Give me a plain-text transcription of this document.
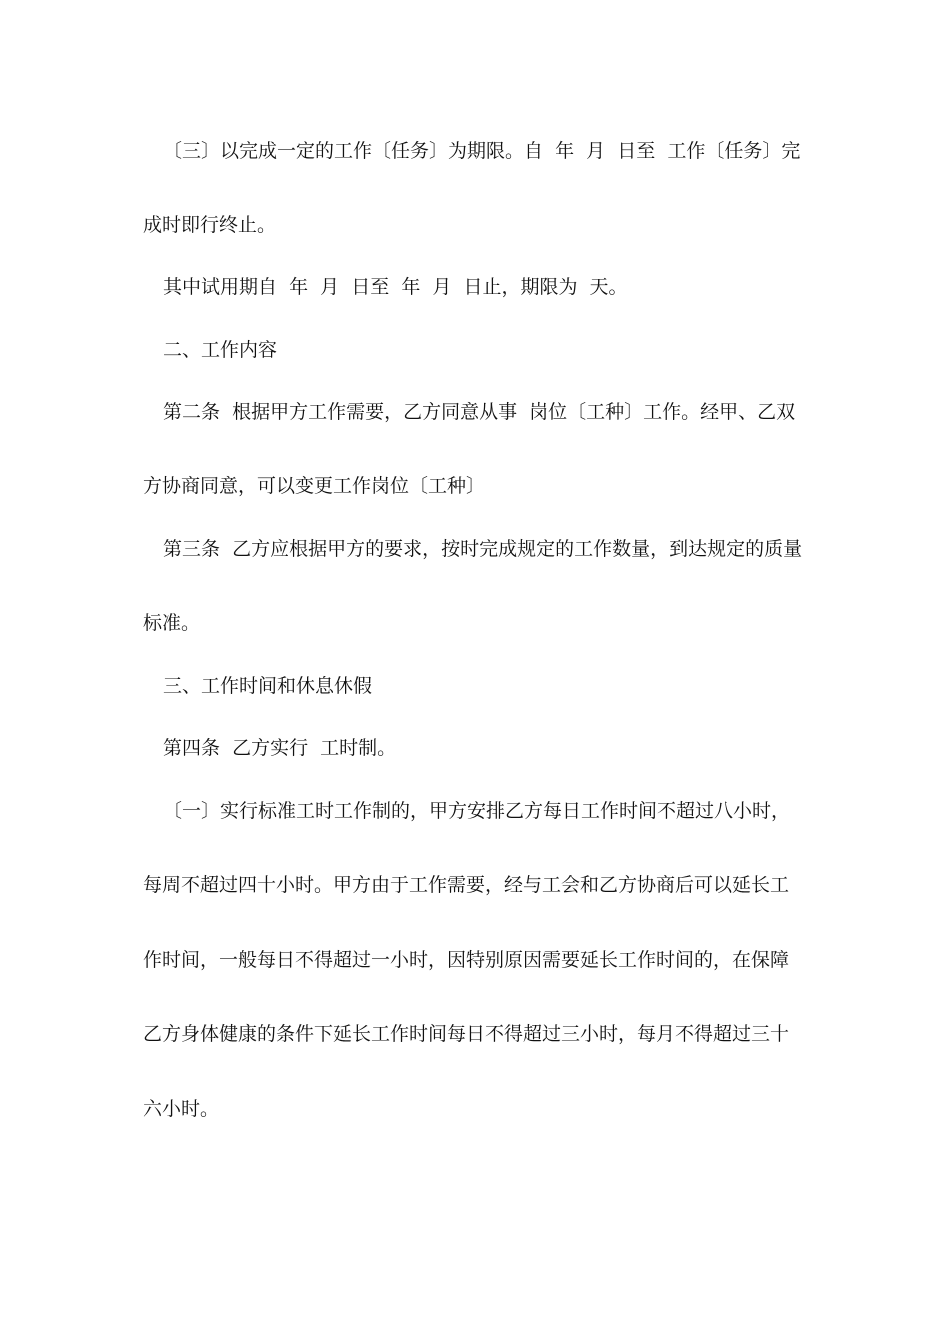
〔三〕以完成一定的工作〔任务〕为期限。自  年  月  日至  工作〔任务〕完
成时即行终止。
其中试用期自  年  月  日至  年  月  日止，期限为  天。
二、工作内容
第二条  根据甲方工作需要，乙方同意从事  岗位〔工种〕工作。经甲、乙双
方协商同意，可以变更工作岗位〔工种〕
第三条  乙方应根据甲方的要求，按时完成规定的工作数量，到达规定的质量
标准。
三、工作时间和休息休假
第四条  乙方实行  工时制。
〔一〕实行标准工时工作制的，甲方安排乙方每日工作时间不超过八小时，
每周不超过四十小时。甲方由于工作需要，经与工会和乙方协商后可以延长工
作时间，一般每日不得超过一小时，因特别原因需要延长工作时间的，在保障
乙方身体健康的条件下延长工作时间每日不得超过三小时，每月不得超过三十
六小时。
